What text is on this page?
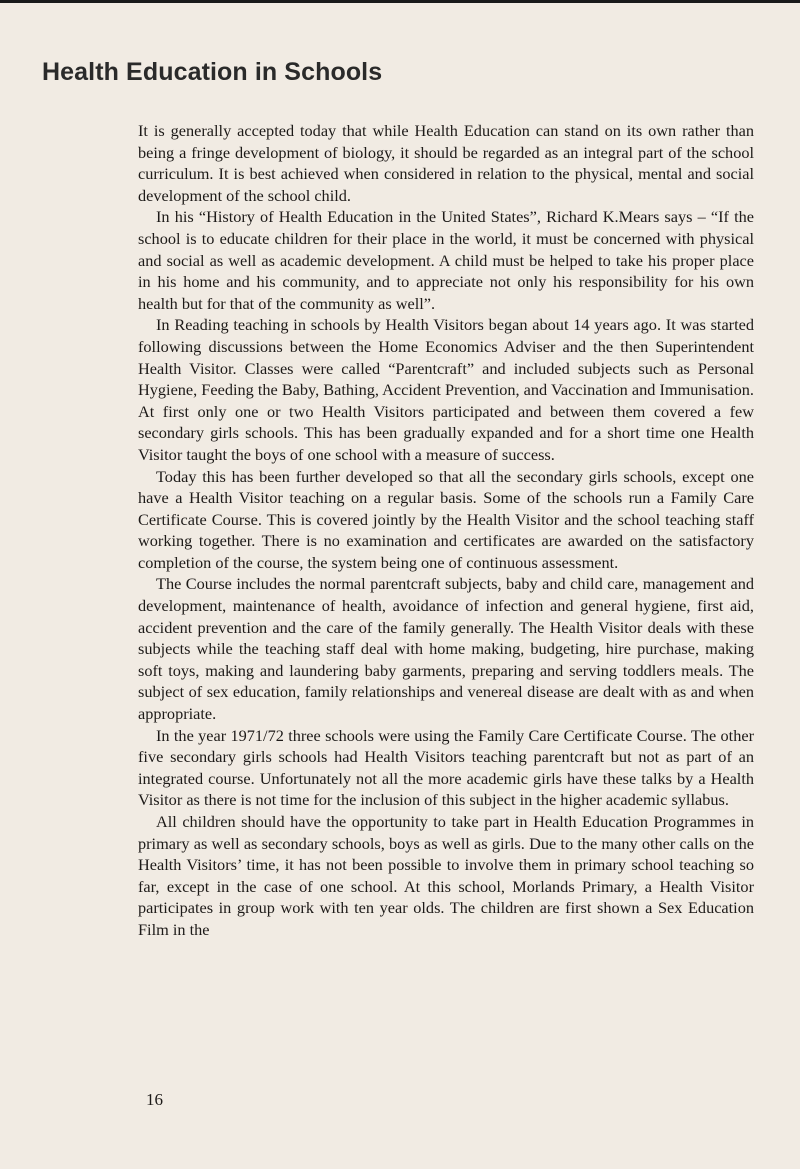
Health Education in Schools

It is generally accepted today that while Health Education can stand on its own rather than being a fringe development of biology, it should be regarded as an integral part of the school curriculum. It is best achieved when considered in relation to the physical, mental and social development of the school child.

In his “History of Health Education in the United States”, Richard K.Mears says – “If the school is to educate children for their place in the world, it must be concerned with physical and social as well as academic development. A child must be helped to take his proper place in his home and his community, and to appreciate not only his responsibility for his own health but for that of the community as well”.

In Reading teaching in schools by Health Visitors began about 14 years ago. It was started following discussions between the Home Economics Adviser and the then Superintendent Health Visitor. Classes were called “Parentcraft” and included subjects such as Personal Hygiene, Feeding the Baby, Bathing, Accident Prevention, and Vaccination and Immunisation. At first only one or two Health Visitors participated and between them covered a few secondary girls schools. This has been gradually expanded and for a short time one Health Visitor taught the boys of one school with a measure of success.

Today this has been further developed so that all the secondary girls schools, except one have a Health Visitor teaching on a regular basis. Some of the schools run a Family Care Certificate Course. This is covered jointly by the Health Visitor and the school teaching staff working together. There is no examination and certificates are awarded on the satisfactory completion of the course, the system being one of continuous assessment.

The Course includes the normal parentcraft subjects, baby and child care, management and development, maintenance of health, avoidance of infection and general hygiene, first aid, accident prevention and the care of the family generally. The Health Visitor deals with these subjects while the teaching staff deal with home making, budgeting, hire purchase, making soft toys, making and laundering baby garments, preparing and serving toddlers meals. The subject of sex education, family relationships and venereal disease are dealt with as and when appropriate.

In the year 1971/72 three schools were using the Family Care Certificate Course. The other five secondary girls schools had Health Visitors teaching parentcraft but not as part of an integrated course. Unfortunately not all the more academic girls have these talks by a Health Visitor as there is not time for the inclusion of this subject in the higher academic syllabus.

All children should have the opportunity to take part in Health Education Programmes in primary as well as secondary schools, boys as well as girls. Due to the many other calls on the Health Visitors’ time, it has not been possible to involve them in primary school teaching so far, except in the case of one school. At this school, Morlands Primary, a Health Visitor participates in group work with ten year olds. The children are first shown a Sex Education Film in the

16
